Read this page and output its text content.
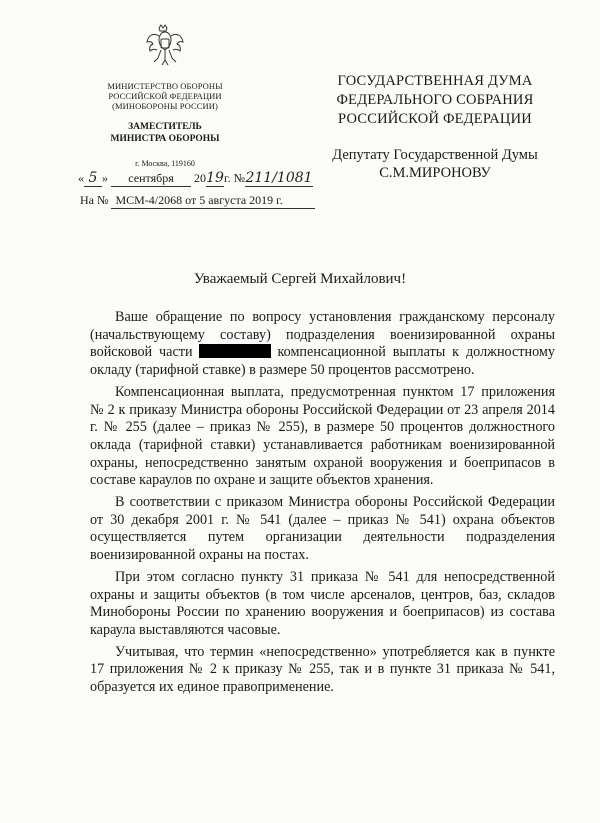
МИНИСТЕРСТВО ОБОРОНЫ
РОССИЙСКОЙ ФЕДЕРАЦИИ
(МИНОБОРОНЫ РОССИИ)
ЗАМЕСТИТЕЛЬ
МИНИСТРА ОБОРОНЫ
г. Москва, 119160
« 5 » сентября 2019г. №211/1081
На № МСМ-4/2068 от 5 августа 2019 г.
ГОСУДАРСТВЕННАЯ ДУМА
ФЕДЕРАЛЬНОГО СОБРАНИЯ
РОССИЙСКОЙ ФЕДЕРАЦИИ
Депутату Государственной Думы
С.М.МИРОНОВУ
Уважаемый Сергей Михайлович!

Ваше обращение по вопросу установления гражданскому персоналу (начальствующему составу) подразделения военизированной охраны войсковой части	компенсационной выплаты к должностному окладу (тарифной ставке) в размере 50 процентов рассмотрено.

Компенсационная выплата, предусмотренная пунктом 17 приложения № 2 к приказу Министра обороны Российской Федерации от 23 апреля 2014 г. № 255 (далее – приказ № 255), в размере 50 процентов должностного оклада (тарифной ставки) устанавливается работникам военизированной охраны, непосредственно занятым охраной вооружения и боеприпасов в составе караулов по охране и защите объектов хранения.

В соответствии с приказом Министра обороны Российской Федерации от 30 декабря 2001 г. № 541 (далее – приказ № 541) охрана объектов осуществляется путем организации деятельности подразделения военизированной охраны на постах.

При этом согласно пункту 31 приказа № 541 для непосредственной охраны и защиты объектов (в том числе арсеналов, центров, баз, складов Минобороны России по хранению вооружения и боеприпасов) из состава караула выставляются часовые.

Учитывая, что термин «непосредственно» употребляется как в пункте 17 приложения № 2 к приказу № 255, так и в пункте 31 приказа № 541, образуется их единое правоприменение.
